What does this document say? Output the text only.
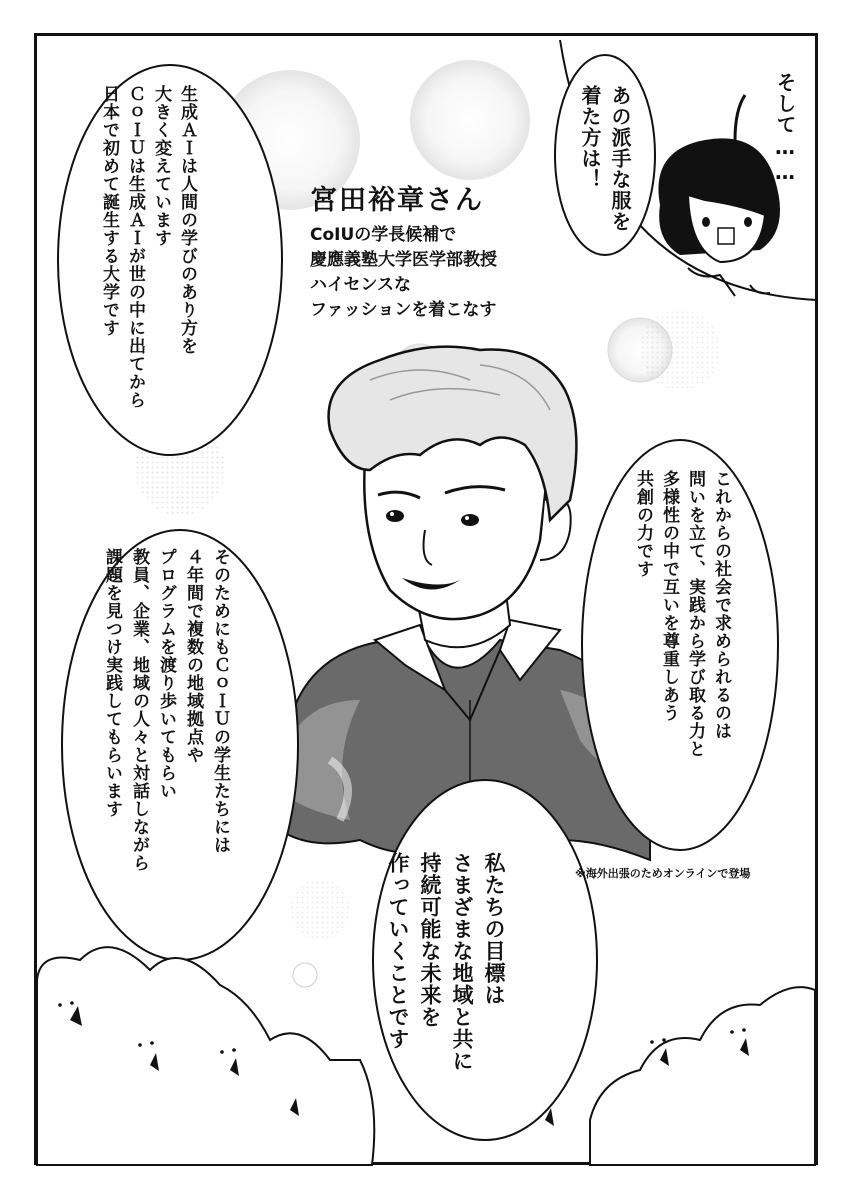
宮田裕章さん

CoIUの学長候補で

慶應義塾大学医学部教授

ハイセンスな

ファッションを着こなす

生成ＡＩは人間の学びのあり方を
大きく変えています
ＣｏＩＵは生成ＡＩが世の中に出てから
日本で初めて誕生する大学です	あの派手な服を
着た方は！	そして……
これからの社会で求められるのは
問いを立て、実践から学び取る力と
多様性の中で互いを尊重しあう
共創の力です
そのためにもＣｏＩＵの学生たちには
４年間で複数の地域拠点や
プログラムを渡り歩いてもらい
教員、企業、地域の人々と対話しながら
課題を見つけ実践してもらいます
私たちの目標は
さまざまな地域と共に
持続可能な未来を
作っていくことです	※海外出張のためオンラインで登場
